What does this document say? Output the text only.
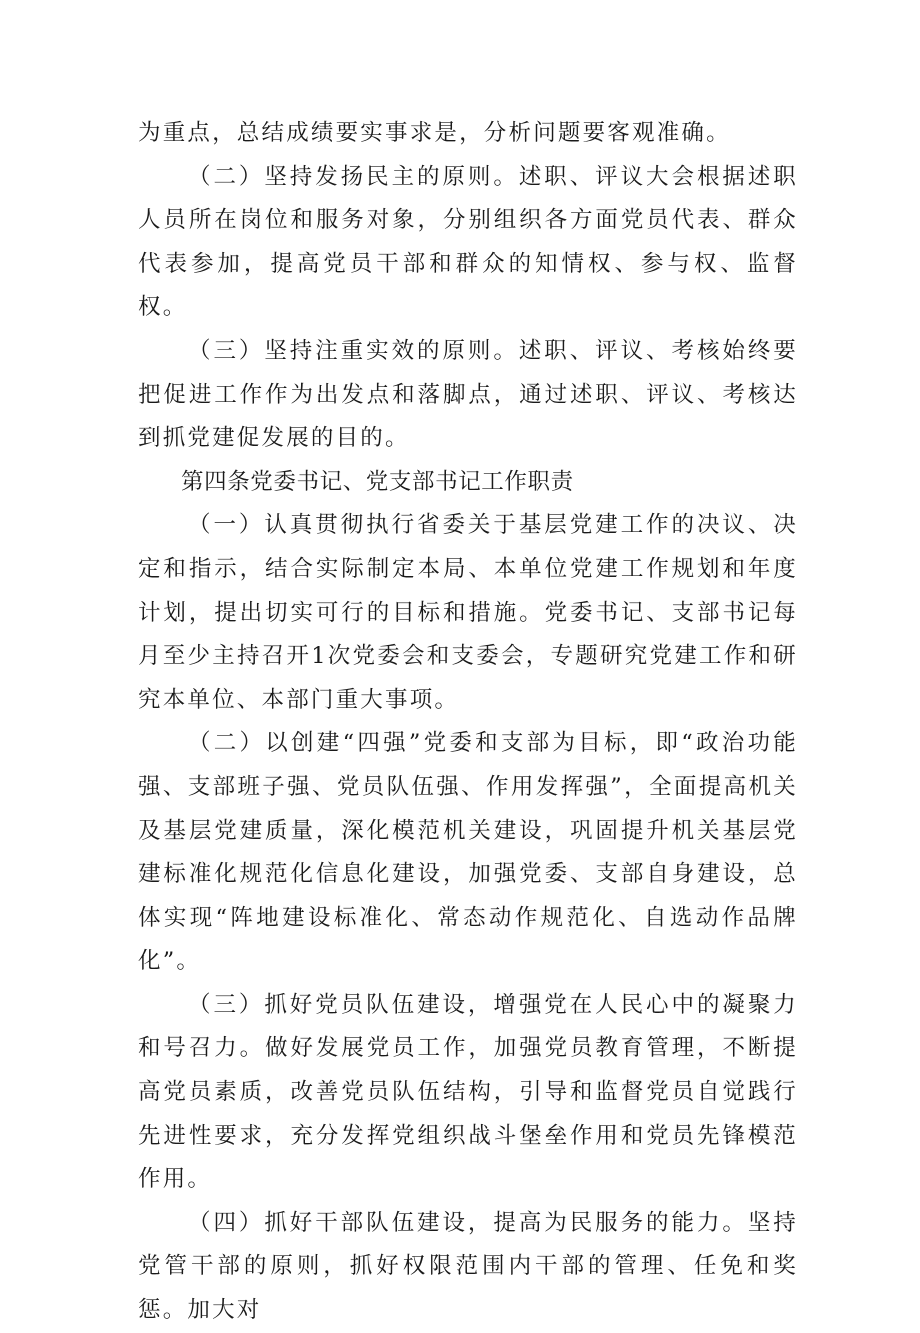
为重点，总结成绩要实事求是，分析问题要客观准确。

（二）坚持发扬民主的原则。述职、评议大会根据述职人员所在岗位和服务对象，分别组织各方面党员代表、群众代表参加，提高党员干部和群众的知情权、参与权、监督权。

（三）坚持注重实效的原则。述职、评议、考核始终要把促进工作作为出发点和落脚点，通过述职、评议、考核达到抓党建促发展的目的。

第四条党委书记、党支部书记工作职责

（一）认真贯彻执行省委关于基层党建工作的决议、决定和指示，结合实际制定本局、本单位党建工作规划和年度计划，提出切实可行的目标和措施。党委书记、支部书记每月至少主持召开1次党委会和支委会，专题研究党建工作和研究本单位、本部门重大事项。

（二）以创建“四强”党委和支部为目标，即“政治功能强、支部班子强、党员队伍强、作用发挥强”，全面提高机关及基层党建质量，深化模范机关建设，巩固提升机关基层党建标准化规范化信息化建设，加强党委、支部自身建设，总体实现“阵地建设标准化、常态动作规范化、自选动作品牌化”。

（三）抓好党员队伍建设，增强党在人民心中的凝聚力和号召力。做好发展党员工作，加强党员教育管理，不断提高党员素质，改善党员队伍结构，引导和监督党员自觉践行先进性要求，充分发挥党组织战斗堡垒作用和党员先锋模范作用。

（四）抓好干部队伍建设，提高为民服务的能力。坚持党管干部的原则，抓好权限范围内干部的管理、任免和奖惩。加大对
